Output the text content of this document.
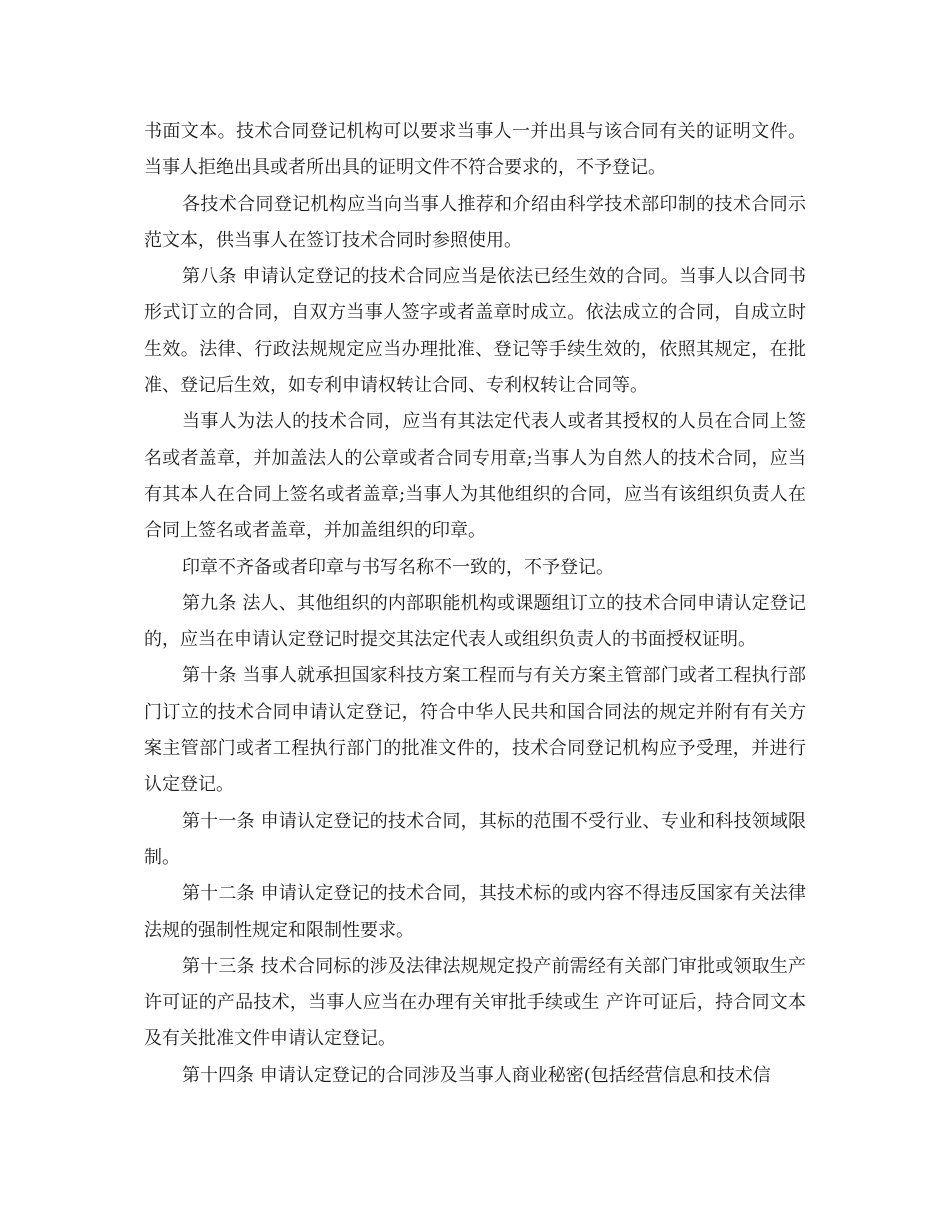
书面文本。技术合同登记机构可以要求当事人一并出具与该合同有关的证明文件。当事人拒绝出具或者所出具的证明文件不符合要求的，不予登记。

各技术合同登记机构应当向当事人推荐和介绍由科学技术部印制的技术合同示范文本，供当事人在签订技术合同时参照使用。

第八条 申请认定登记的技术合同应当是依法已经生效的合同。当事人以合同书形式订立的合同，自双方当事人签字或者盖章时成立。依法成立的合同，自成立时生效。法律、行政法规规定应当办理批准、登记等手续生效的，依照其规定，在批准、登记后生效，如专利申请权转让合同、专利权转让合同等。

当事人为法人的技术合同，应当有其法定代表人或者其授权的人员在合同上签名或者盖章，并加盖法人的公章或者合同专用章;当事人为自然人的技术合同，应当有其本人在合同上签名或者盖章;当事人为其他组织的合同，应当有该组织负责人在合同上签名或者盖章，并加盖组织的印章。

印章不齐备或者印章与书写名称不一致的，不予登记。

第九条 法人、其他组织的内部职能机构或课题组订立的技术合同申请认定登记的，应当在申请认定登记时提交其法定代表人或组织负责人的书面授权证明。

第十条 当事人就承担国家科技方案工程而与有关方案主管部门或者工程执行部门订立的技术合同申请认定登记，符合中华人民共和国合同法的规定并附有有关方案主管部门或者工程执行部门的批准文件的，技术合同登记机构应予受理，并进行认定登记。

第十一条 申请认定登记的技术合同，其标的范围不受行业、专业和科技领域限制。

第十二条 申请认定登记的技术合同，其技术标的或内容不得违反国家有关法律法规的强制性规定和限制性要求。

第十三条 技术合同标的涉及法律法规规定投产前需经有关部门审批或领取生产许可证的产品技术，当事人应当在办理有关审批手续或生 产许可证后，持合同文本及有关批准文件申请认定登记。

第十四条 申请认定登记的合同涉及当事人商业秘密(包括经营信息和技术信
